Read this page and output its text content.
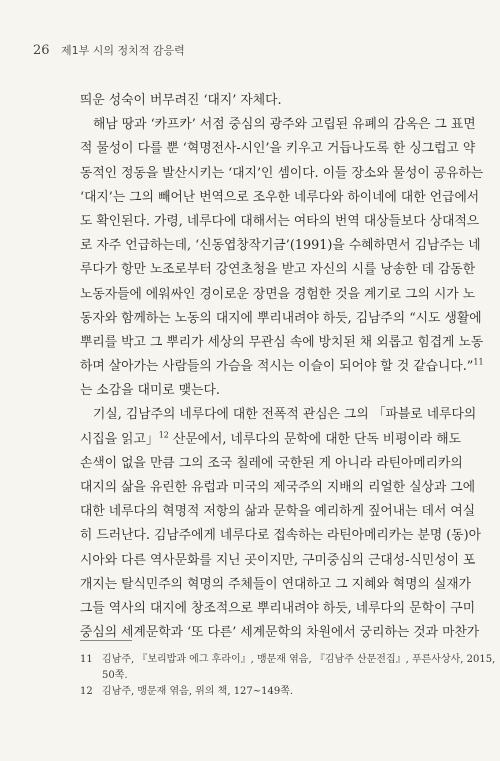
26 제1부 시의 정치적 감응력
띄운 성숙이 버무려진 ‘대지’ 자체다.
해남 땅과 ‘카프카’ 서점 중심의 광주와 고립된 유폐의 감옥은 그 표면
적 물성이 다를 뿐 ‘혁명전사-시인’을 키우고 거듭나도록 한 싱그럽고 약
동적인 정동을 발산시키는 ‘대지’인 셈이다. 이들 장소와 물성이 공유하는
‘대지’는 그의 빼어난 번역으로 조우한 네루다와 하이네에 대한 언급에서
도 확인된다. 가령, 네루다에 대해서는 여타의 번역 대상들보다 상대적으
로 자주 언급하는데, ‘신동엽창작기금’(1991)을 수혜하면서 김남주는 네
루다가 항만 노조로부터 강연초청을 받고 자신의 시를 낭송한 데 감동한
노동자들에 에워싸인 경이로운 장면을 경험한 것을 계기로 그의 시가 노
동자와 함께하는 노동의 대지에 뿌리내려야 하듯, 김남주의 “시도 생활에
뿌리를 박고 그 뿌리가 세상의 무관심 속에 방치된 채 외롭고 힘겹게 노동
하며 살아가는 사람들의 가슴을 적시는 이슬이 되어야 할 것 같습니다.”$^{11}$
는 소감을 대미로 맺는다.
기실, 김남주의 네루다에 대한 전폭적 관심은 그의 「파블로 네루다의
시집을 읽고」$^{12}$ 산문에서, 네루다의 문학에 대한 단독 비평이라 해도
손색이 없을 만큼 그의 조국 칠레에 국한된 게 아니라 라틴아메리카의
대지의 삶을 유린한 유럽과 미국의 제국주의 지배의 리얼한 실상과 그에
대한 네루다의 혁명적 저항의 삶과 문학을 예리하게 짚어내는 데서 여실
히 드러난다. 김남주에게 네루다로 접속하는 라틴아메리카는 분명 (동)아
시아와 다른 역사문화를 지닌 곳이지만, 구미중심의 근대성-식민성이 포
개지는 탈식민주의 혁명의 주체들이 연대하고 그 지혜와 혁명의 실재가
그들 역사의 대지에 창조적으로 뿌리내려야 하듯, 네루다의 문학이 구미
중심의 세계문학과 ‘또 다른’ 세계문학의 차원에서 궁리하는 것과 마찬가
11 김남주, 『보리밥과 에그 후라이』, 맹문재 엮음, 『김남주 산문전집』, 푸른사상사, 2015,
50쪽.
12 김남주, 맹문재 엮음, 위의 책, 127~149쪽.
